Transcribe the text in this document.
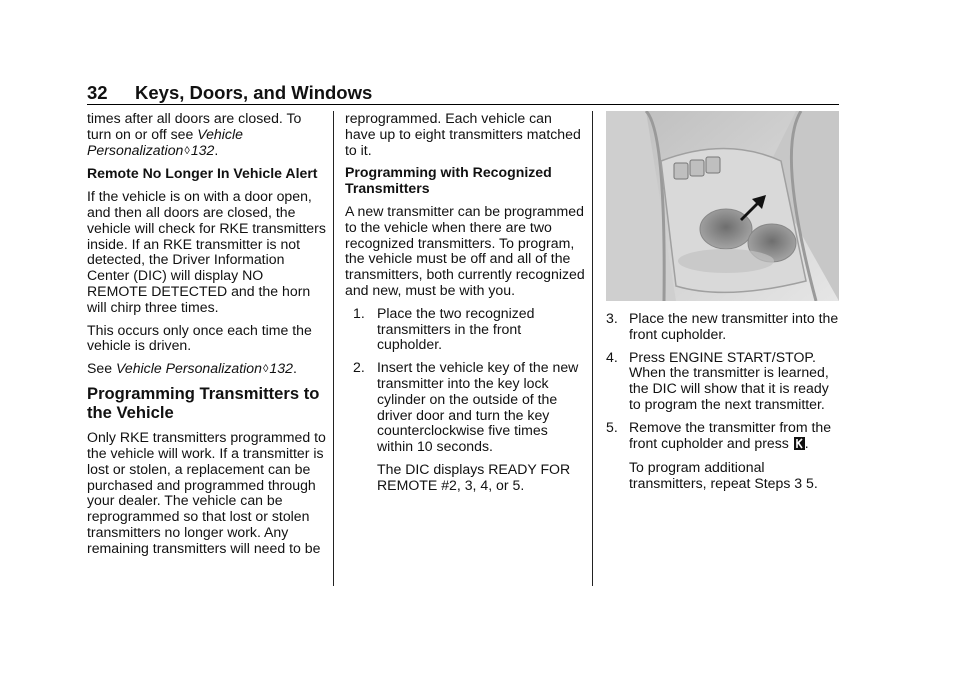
32 Keys, Doors, and Windows

times after all doors are closed. To turn on or off see Vehicle Personalization◊132.

Remote No Longer In Vehicle Alert

If the vehicle is on with a door open, and then all doors are closed, the vehicle will check for RKE transmitters inside. If an RKE transmitter is not detected, the Driver Information Center (DIC) will display NO REMOTE DETECTED and the horn will chirp three times.

This occurs only once each time the vehicle is driven.

See Vehicle Personalization◊132.

Programming Transmitters to the Vehicle

Only RKE transmitters programmed to the vehicle will work. If a transmitter is lost or stolen, a replacement can be purchased and programmed through your dealer. The vehicle can be reprogrammed so that lost or stolen transmitters no longer work. Any remaining transmitters will need to be

reprogrammed. Each vehicle can have up to eight transmitters matched to it.

Programming with Recognized Transmitters

A new transmitter can be programmed to the vehicle when there are two recognized transmitters. To program, the vehicle must be off and all of the transmitters, both currently recognized and new, must be with you.

1. Place the two recognized transmitters in the front cupholder.

2. Insert the vehicle key of the new transmitter into the key lock cylinder on the outside of the driver door and turn the key counterclockwise five times within 10 seconds.

The DIC displays READY FOR REMOTE #2, 3, 4, or 5.

3. Place the new transmitter into the front cupholder.

4. Press ENGINE START/STOP. When the transmitter is learned, the DIC will show that it is ready to program the next transmitter.

5. Remove the transmitter from the front cupholder and press .

To program additional transmitters, repeat Steps 3 5.
